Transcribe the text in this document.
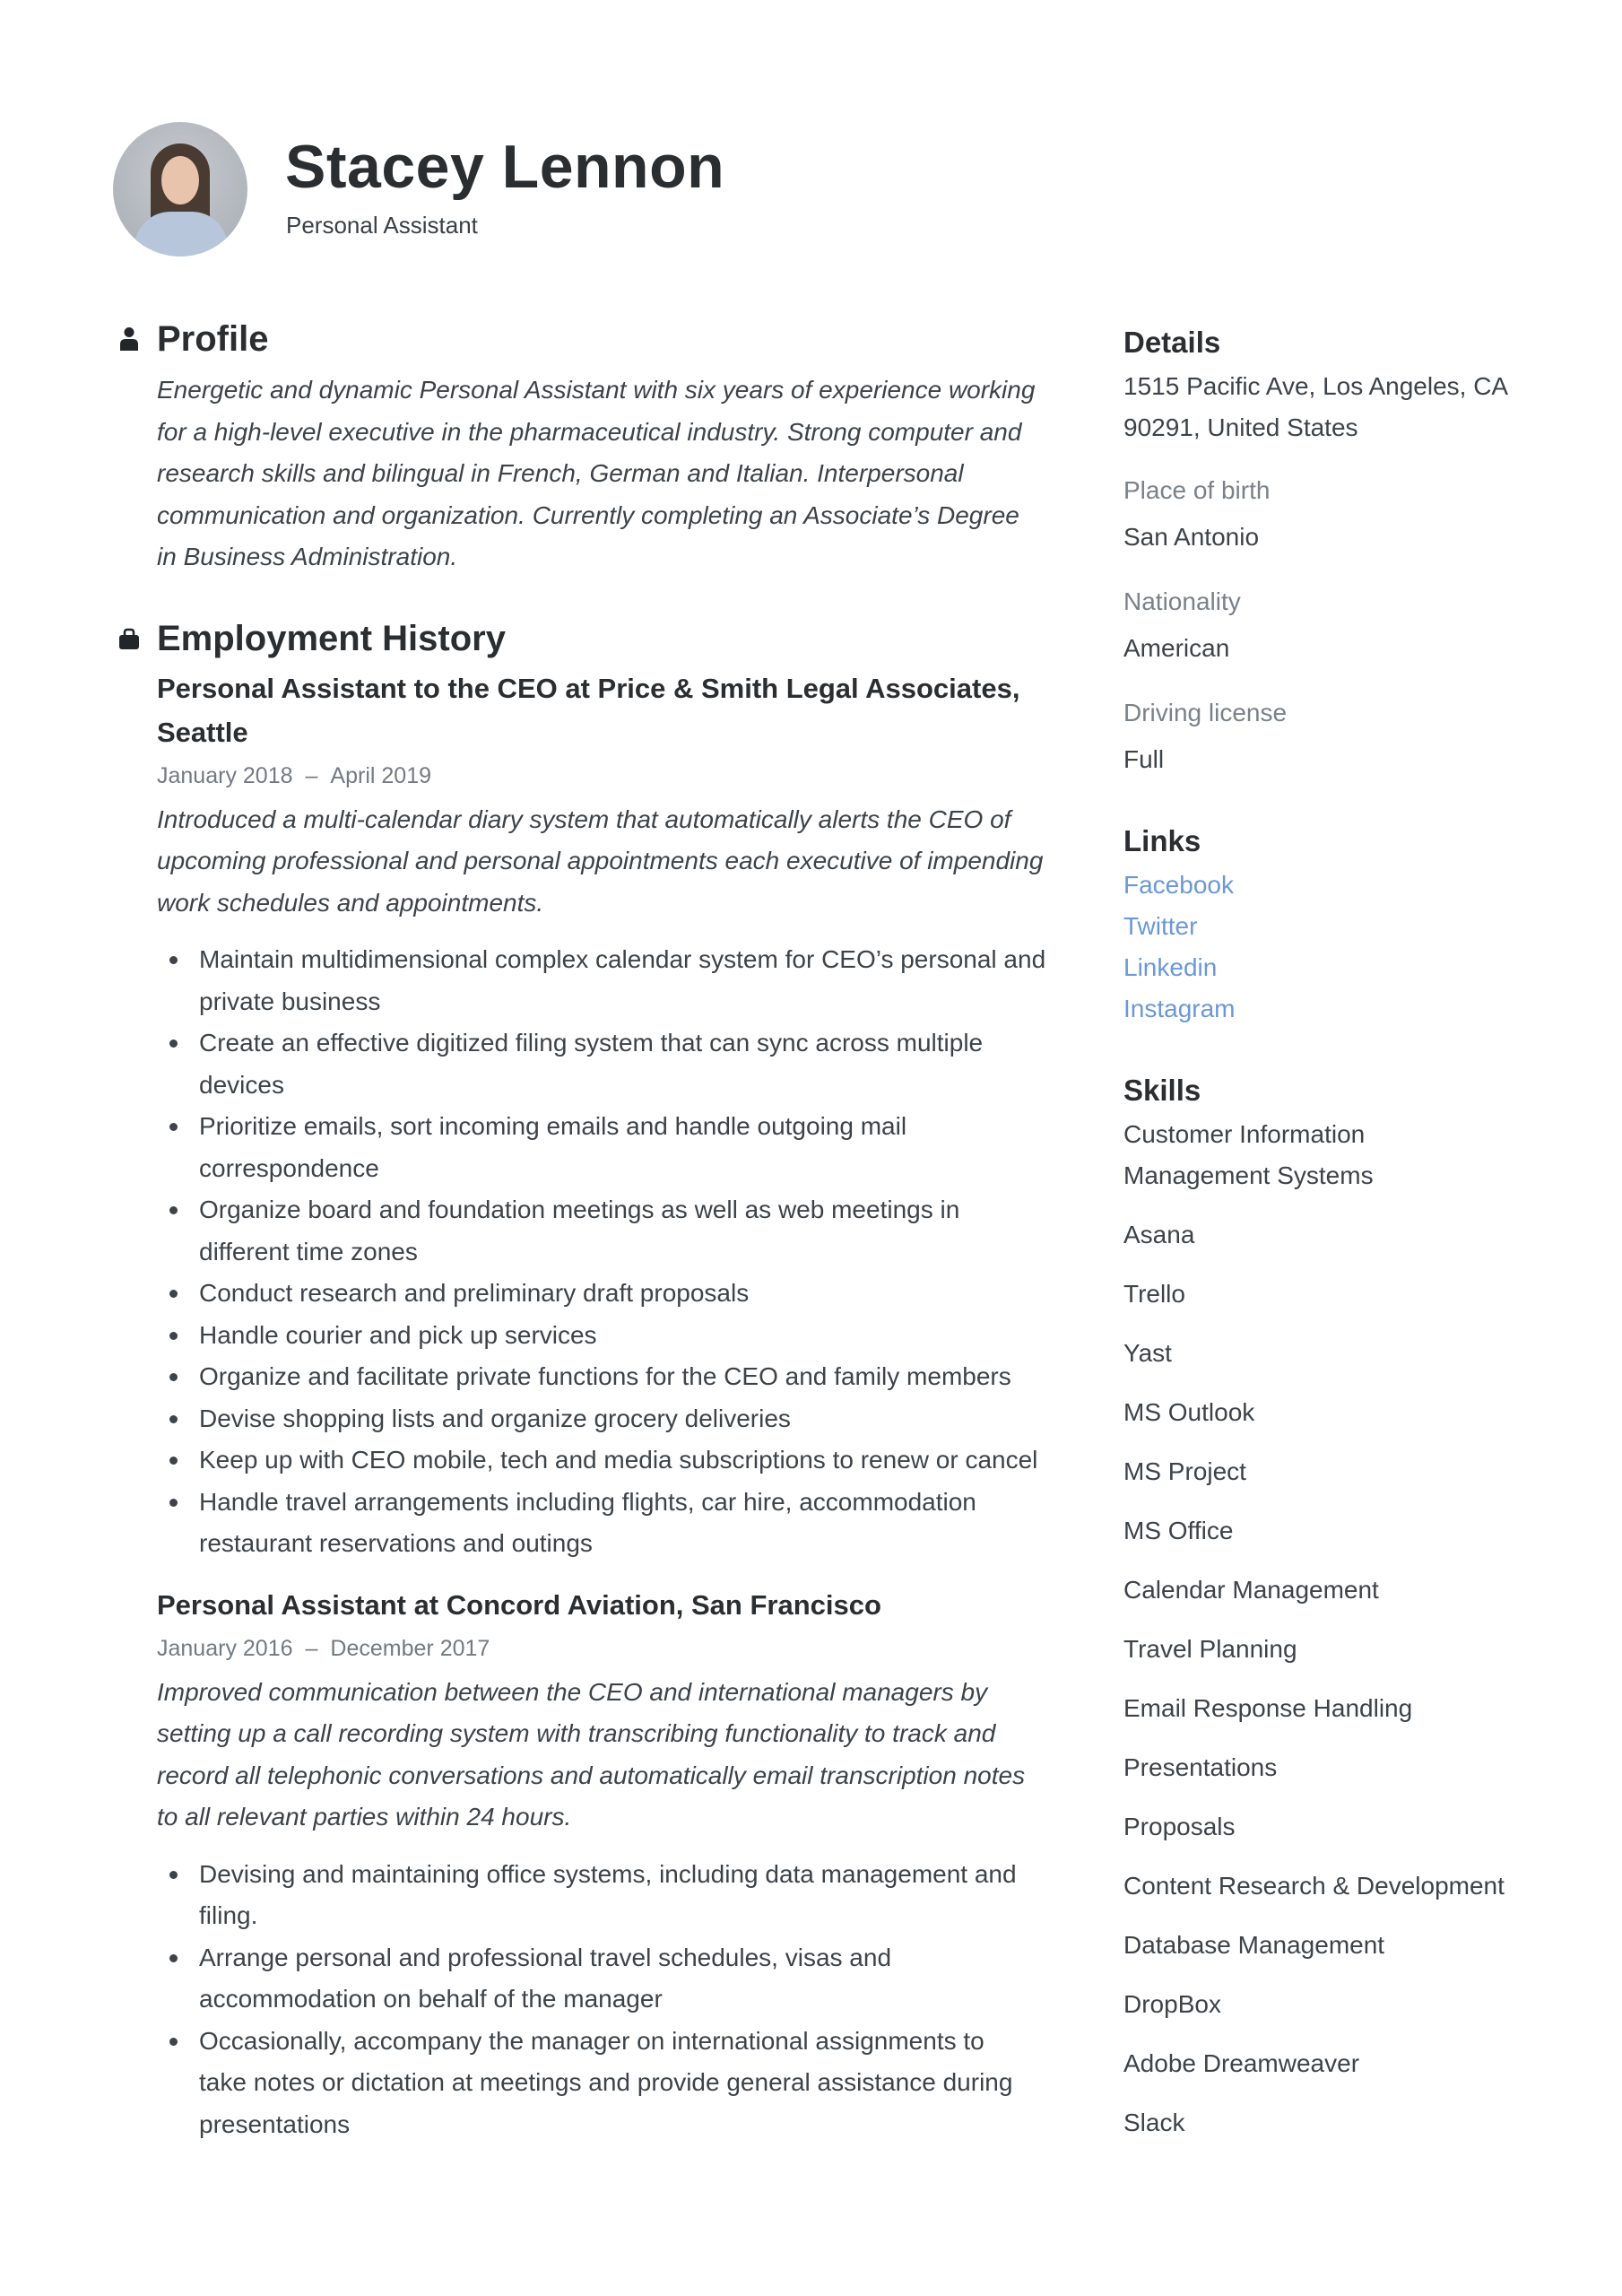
Stacey Lennon
Personal Assistant
Profile
Energetic and dynamic Personal Assistant with six years of experience working
for a high-level executive in the pharmaceutical industry. Strong computer and
research skills and bilingual in French, German and Italian. Interpersonal
communication and organization. Currently completing an Associate’s Degree
in Business Administration.
Employment History
Personal Assistant to the CEO at Price & Smith Legal Associates,
Seattle
January 2018 – April 2019
Introduced a multi-calendar diary system that automatically alerts the CEO of
upcoming professional and personal appointments each executive of impending
work schedules and appointments.
Maintain multidimensional complex calendar system for CEO’s personal and
private business
Create an effective digitized filing system that can sync across multiple
devices
Prioritize emails, sort incoming emails and handle outgoing mail
correspondence
Organize board and foundation meetings as well as web meetings in
different time zones
Conduct research and preliminary draft proposals
Handle courier and pick up services
Organize and facilitate private functions for the CEO and family members
Devise shopping lists and organize grocery deliveries
Keep up with CEO mobile, tech and media subscriptions to renew or cancel
Handle travel arrangements including flights, car hire, accommodation
restaurant reservations and outings
Personal Assistant at Concord Aviation, San Francisco
January 2016 – December 2017
Improved communication between the CEO and international managers by
setting up a call recording system with transcribing functionality to track and
record all telephonic conversations and automatically email transcription notes
to all relevant parties within 24 hours.
Devising and maintaining office systems, including data management and
filing.
Arrange personal and professional travel schedules, visas and
accommodation on behalf of the manager
Occasionally, accompany the manager on international assignments to
take notes or dictation at meetings and provide general assistance during
presentations
Details
1515 Pacific Ave, Los Angeles, CA
90291, United States
Place of birth
San Antonio
Nationality
American
Driving license
Full
Links
Facebook
Twitter
Linkedin
Instagram
Skills
Customer Information
Management Systems
Asana
Trello
Yast
MS Outlook
MS Project
MS Office
Calendar Management
Travel Planning
Email Response Handling
Presentations
Proposals
Content Research & Development
Database Management
DropBox
Adobe Dreamweaver
Slack
